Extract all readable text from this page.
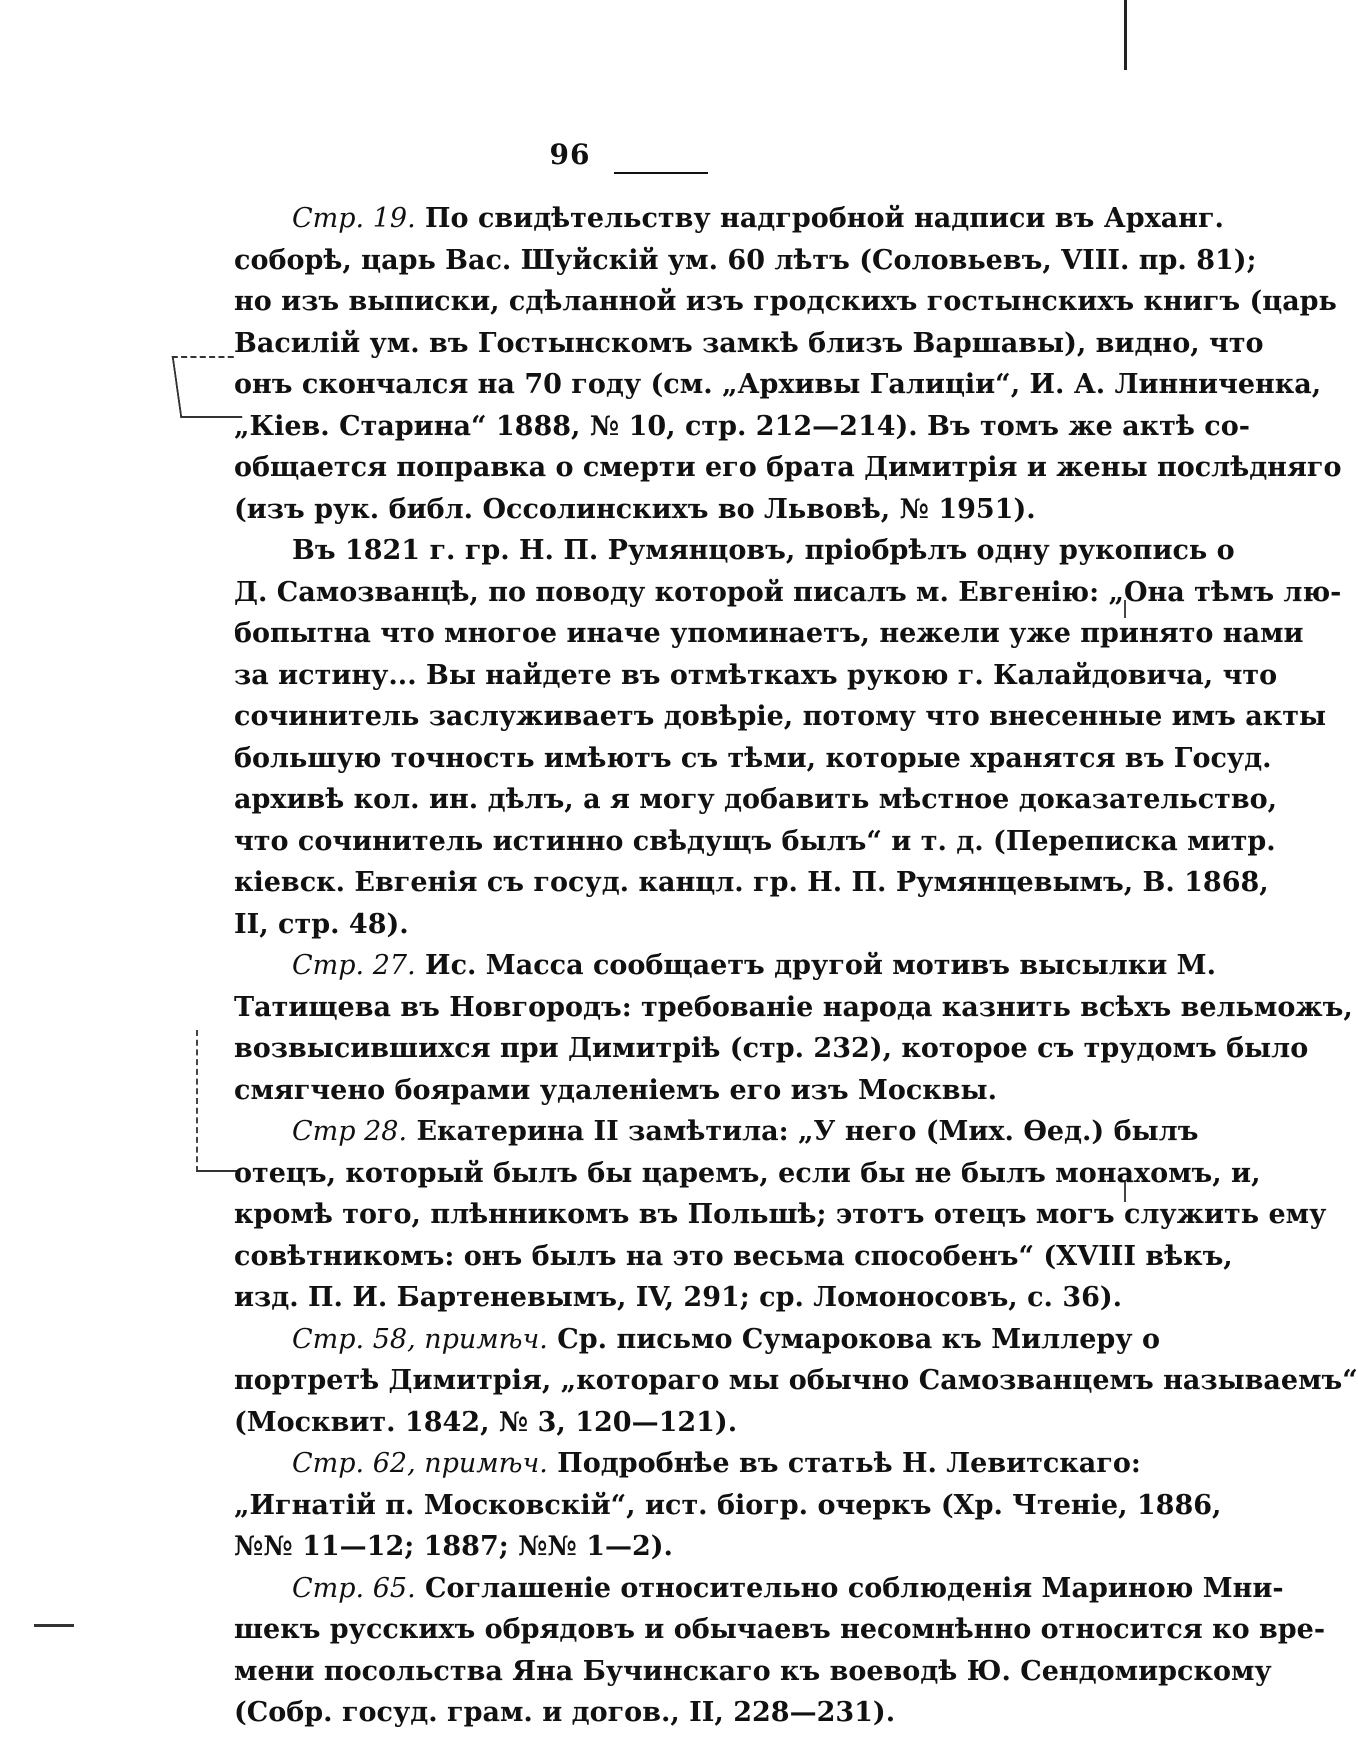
96
Стр. 19. По свидѣтельству надгробной надписи въ Арханг.
соборѣ, царь Вас. Шуйскій ум. 60 лѣтъ (Соловьевъ, VIII. пр. 81);
но изъ выписки, сдѣланной изъ гродскихъ гостынскихъ книгъ (царь
Василій ум. въ Гостынскомъ замкѣ близъ Варшавы), видно, что
онъ скончался на 70 году (см. „Архивы Галиціи“, И. А. Линниченка,
„Кіев. Старина“ 1888, № 10, стр. 212—214). Въ томъ же актѣ со-
общается поправка о смерти его брата Димитрія и жены послѣдняго
(изъ рук. библ. Оссолинскихъ во Львовѣ, № 1951).
Въ 1821 г. гр. Н. П. Румянцовъ, пріобрѣлъ одну рукопись о
Д. Самозванцѣ, по поводу которой писалъ м. Евгенію: „Она тѣмъ лю-
бопытна что многое иначе упоминаетъ, нежели уже принято нами
за истину... Вы найдете въ отмѣткахъ рукою г. Калайдовича, что
сочинитель заслуживаетъ довѣріе, потому что внесенные имъ акты
большую точность имѣютъ съ тѣми, которые хранятся въ Госуд.
архивѣ кол. ин. дѣлъ, а я могу добавить мѣстное доказательство,
что сочинитель истинно свѣдущъ былъ“ и т. д. (Переписка митр.
кіевск. Евгенія съ госуд. канцл. гр. Н. П. Румянцевымъ, В. 1868,
II, стр. 48).
Стр. 27. Ис. Масса сообщаетъ другой мотивъ высылки М.
Татищева въ Новгородъ: требованіе народа казнить всѣхъ вельможъ,
возвысившихся при Димитріѣ (стр. 232), которое съ трудомъ было
смягчено боярами удаленіемъ его изъ Москвы.
Стр 28. Екатерина II замѣтила: „У него (Мих. Өед.) былъ
отецъ, который былъ бы царемъ, если бы не былъ монахомъ, и,
кромѣ того, плѣнникомъ въ Польшѣ; этотъ отецъ могъ служить ему
совѣтникомъ: онъ былъ на это весьма способенъ“ (XVIII вѣкъ,
изд. П. И. Бартеневымъ, IV, 291; ср. Ломоносовъ, с. 36).
Стр. 58, примѣч. Ср. письмо Сумарокова къ Миллеру о
портретѣ Димитрія, „котораго мы обычно Самозванцемъ называемъ“
(Москвит. 1842, № 3, 120—121).
Стр. 62, примѣч. Подробнѣе въ статьѣ Н. Левитскаго:
„Игнатій п. Московскій“, ист. біогр. очеркъ (Хр. Чтеніе, 1886,
№№ 11—12; 1887; №№ 1—2).
Стр. 65. Соглашеніе относительно соблюденія Мариною Мни-
шекъ русскихъ обрядовъ и обычаевъ несомнѣнно относится ко вре-
мени посольства Яна Бучинскаго къ воеводѣ Ю. Сендомирскому
(Собр. госуд. грам. и догов., II, 228—231).
